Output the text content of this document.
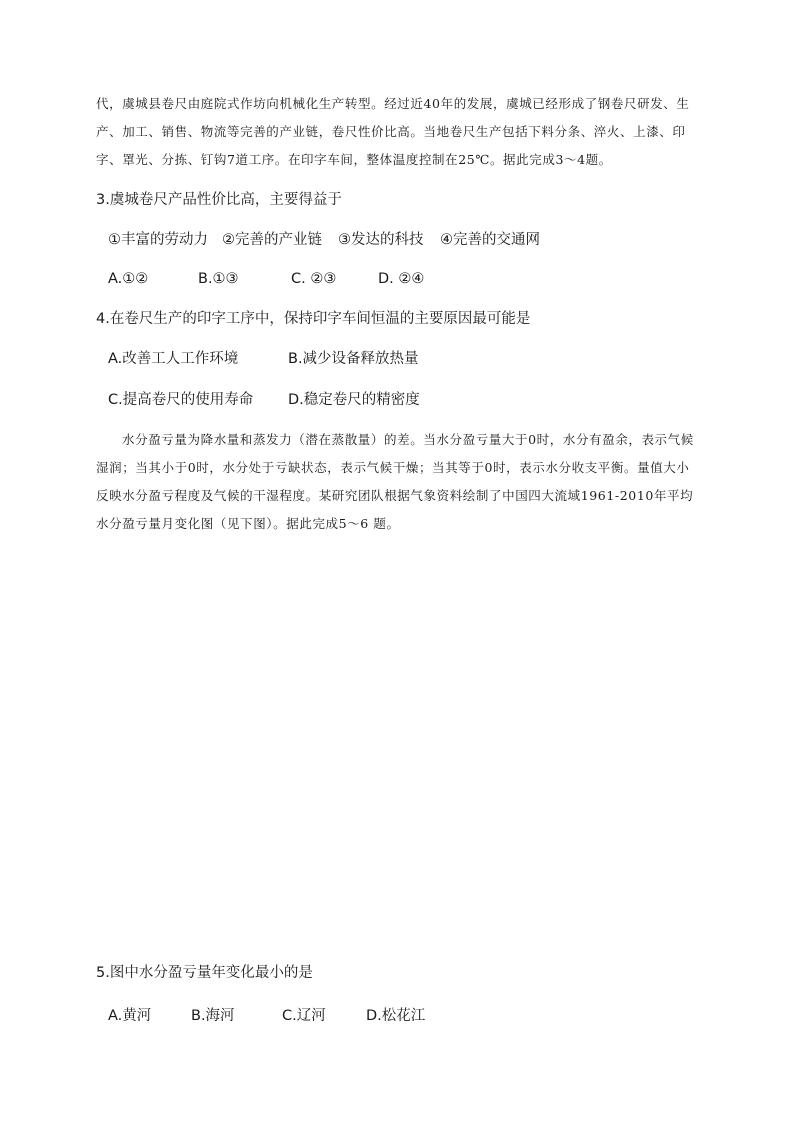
代，虞城县卷尺由庭院式作坊向机械化生产转型。经过近40年的发展，虞城已经形成了钢卷尺研发、生产、加工、销售、物流等完善的产业链，卷尺性价比高。当地卷尺生产包括下料分条、淬火、上漆、印字、罩光、分拣、钉钩7道工序。在印字车间，整体温度控制在25℃。据此完成3～4题。
3.虞城卷尺产品性价比高，主要得益于
①丰富的劳动力 ②完善的产业链 ③发达的科技 ④完善的交通网
A.①②	B.①③	C. ②③	D. ②④
4.在卷尺生产的印字工序中，保持印字车间恒温的主要原因最可能是
A.改善工人工作环境	B.减少设备释放热量
C.提高卷尺的使用寿命 D.稳定卷尺的精密度
水分盈亏量为降水量和蒸发力（潜在蒸散量）的差。当水分盈亏量大于0时，水分有盈余，表示气候湿润；当其小于0时，水分处于亏缺状态，表示气候干燥；当其等于0时，表示水分收支平衡。量值大小反映水分盈亏程度及气候的干湿程度。某研究团队根据气象资料绘制了中国四大流域1961-2010年平均水分盈亏量月变化图（见下图）。据此完成5～6 题。
5.图中水分盈亏量年变化最小的是
A.黄河	B.海河	C.辽河	D.松花江
